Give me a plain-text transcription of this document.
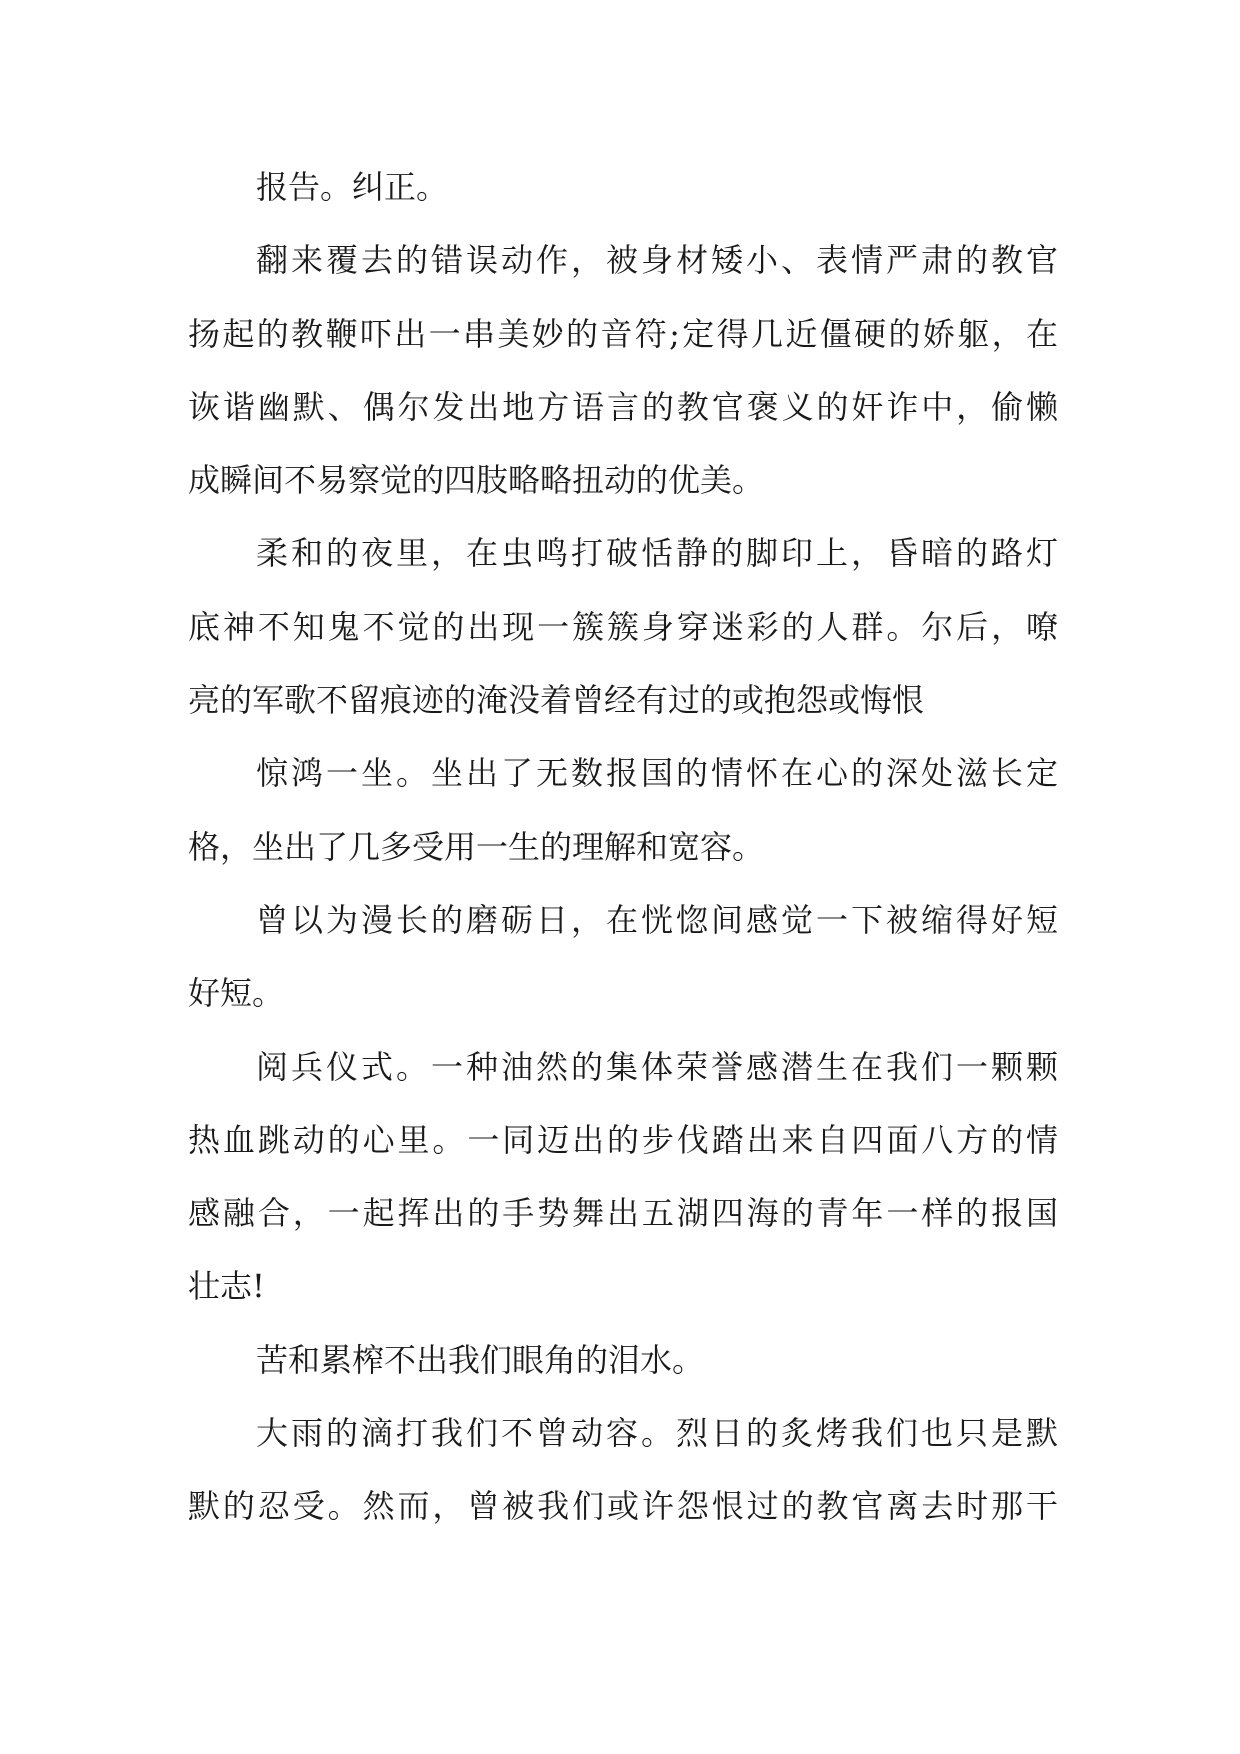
报告。纠正。
翻来覆去的错误动作，被身材矮小、表情严肃的教官
扬起的教鞭吓出一串美妙的音符;定得几近僵硬的娇躯，在
诙谐幽默、偶尔发出地方语言的教官褒义的奸诈中，偷懒
成瞬间不易察觉的四肢略略扭动的优美。
柔和的夜里，在虫鸣打破恬静的脚印上，昏暗的路灯
底神不知鬼不觉的出现一簇簇身穿迷彩的人群。尔后，嘹
亮的军歌不留痕迹的淹没着曾经有过的或抱怨或悔恨
惊鸿一坐。坐出了无数报国的情怀在心的深处滋长定
格，坐出了几多受用一生的理解和宽容。
曾以为漫长的磨砺日，在恍惚间感觉一下被缩得好短
好短。
阅兵仪式。一种油然的集体荣誉感潜生在我们一颗颗
热血跳动的心里。一同迈出的步伐踏出来自四面八方的情
感融合，一起挥出的手势舞出五湖四海的青年一样的报国
壮志!
苦和累榨不出我们眼角的泪水。
大雨的滴打我们不曾动容。烈日的炙烤我们也只是默
默的忍受。然而，曾被我们或许怨恨过的教官离去时那干
